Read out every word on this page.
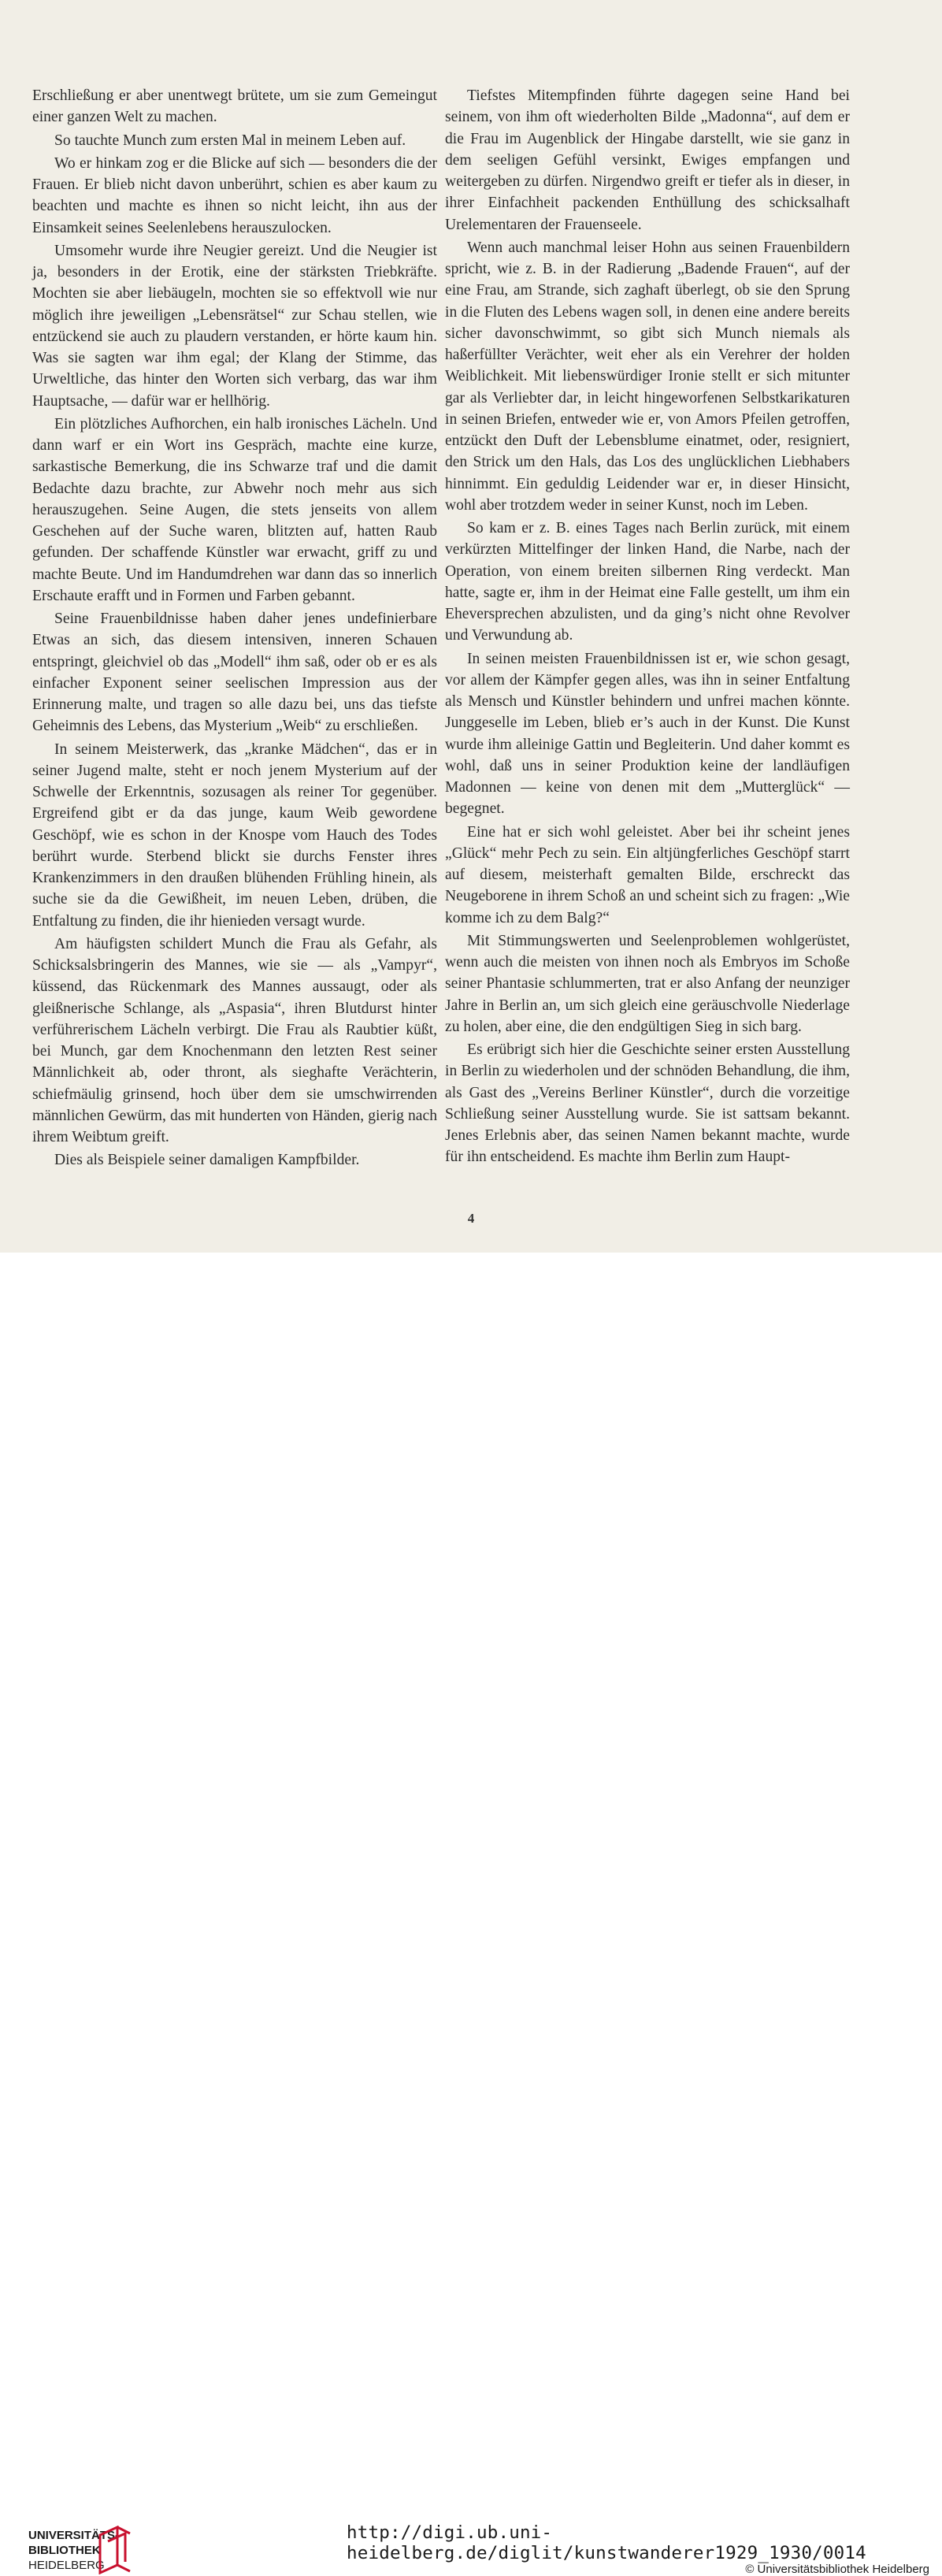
Erschließung er aber unentwegt brütete, um sie zum Gemeingut einer ganzen Welt zu machen.

So tauchte Munch zum ersten Mal in meinem Leben auf.

Wo er hinkam zog er die Blicke auf sich — besonders die der Frauen. Er blieb nicht davon unberührt, schien es aber kaum zu beachten und machte es ihnen so nicht leicht, ihn aus der Einsamkeit seines Seelenlebens herauszulocken.

Umsomehr wurde ihre Neugier gereizt. Und die Neugier ist ja, besonders in der Erotik, eine der stärksten Triebkräfte. Mochten sie aber liebäugeln, mochten sie so effektvoll wie nur möglich ihre jeweiligen „Lebensrätsel“ zur Schau stellen, wie entzückend sie auch zu plaudern verstanden, er hörte kaum hin. Was sie sagten war ihm egal; der Klang der Stimme, das Urweltliche, das hinter den Worten sich verbarg, das war ihm Hauptsache, — dafür war er hellhörig.

Ein plötzliches Aufhorchen, ein halb ironisches Lächeln. Und dann warf er ein Wort ins Gespräch, machte eine kurze, sarkastische Bemerkung, die ins Schwarze traf und die damit Bedachte dazu brachte, zur Abwehr noch mehr aus sich herauszugehen. Seine Augen, die stets jenseits von allem Geschehen auf der Suche waren, blitzten auf, hatten Raub gefunden. Der schaffende Künstler war erwacht, griff zu und machte Beute. Und im Handumdrehen war dann das so innerlich Erschaute erafft und in Formen und Farben gebannt.

Seine Frauenbildnisse haben daher jenes undefinierbare Etwas an sich, das diesem intensiven, inneren Schauen entspringt, gleichviel ob das „Modell“ ihm saß, oder ob er es als einfacher Exponent seiner seelischen Impression aus der Erinnerung malte, und tragen so alle dazu bei, uns das tiefste Geheimnis des Lebens, das Mysterium „Weib“ zu erschließen.

In seinem Meisterwerk, das „kranke Mädchen“, das er in seiner Jugend malte, steht er noch jenem Mysterium auf der Schwelle der Erkenntnis, sozusagen als reiner Tor gegenüber. Ergreifend gibt er da das junge, kaum Weib gewordene Geschöpf, wie es schon in der Knospe vom Hauch des Todes berührt wurde. Sterbend blickt sie durchs Fenster ihres Krankenzimmers in den draußen blühenden Frühling hinein, als suche sie da die Gewißheit, im neuen Leben, drüben, die Entfaltung zu finden, die ihr hienieden versagt wurde.

Am häufigsten schildert Munch die Frau als Gefahr, als Schicksalsbringerin des Mannes, wie sie — als „Vampyr“, küssend, das Rückenmark des Mannes aussaugt, oder als gleißnerische Schlange, als „Aspasia“, ihren Blutdurst hinter verführerischem Lächeln verbirgt. Die Frau als Raubtier küßt, bei Munch, gar dem Knochenmann den letzten Rest seiner Männlichkeit ab, oder thront, als sieghafte Verächterin, schiefmäulig grinsend, hoch über dem sie umschwirrenden männlichen Gewürm, das mit hunderten von Händen, gierig nach ihrem Weibtum greift.

Dies als Beispiele seiner damaligen Kampfbilder.

Tiefstes Mitempfinden führte dagegen seine Hand bei seinem, von ihm oft wiederholten Bilde „Madonna“, auf dem er die Frau im Augenblick der Hingabe darstellt, wie sie ganz in dem seeligen Gefühl versinkt, Ewiges empfangen und weitergeben zu dürfen. Nirgendwo greift er tiefer als in dieser, in ihrer Einfachheit packenden Enthüllung des schicksalhaft Urelementaren der Frauenseele.

Wenn auch manchmal leiser Hohn aus seinen Frauenbildern spricht, wie z. B. in der Radierung „Badende Frauen“, auf der eine Frau, am Strande, sich zaghaft überlegt, ob sie den Sprung in die Fluten des Lebens wagen soll, in denen eine andere bereits sicher davonschwimmt, so gibt sich Munch niemals als haßerfüllter Verächter, weit eher als ein Verehrer der holden Weiblichkeit. Mit liebenswürdiger Ironie stellt er sich mitunter gar als Verliebter dar, in leicht hingeworfenen Selbstkarikaturen in seinen Briefen, entweder wie er, von Amors Pfeilen getroffen, entzückt den Duft der Lebensblume einatmet, oder, resigniert, den Strick um den Hals, das Los des unglücklichen Liebhabers hinnimmt. Ein geduldig Leidender war er, in dieser Hinsicht, wohl aber trotzdem weder in seiner Kunst, noch im Leben.

So kam er z. B. eines Tages nach Berlin zurück, mit einem verkürzten Mittelfinger der linken Hand, die Narbe, nach der Operation, von einem breiten silbernen Ring verdeckt. Man hatte, sagte er, ihm in der Heimat eine Falle gestellt, um ihm ein Eheversprechen abzulisten, und da ging’s nicht ohne Revolver und Verwundung ab.

In seinen meisten Frauenbildnissen ist er, wie schon gesagt, vor allem der Kämpfer gegen alles, was ihn in seiner Entfaltung als Mensch und Künstler behindern und unfrei machen könnte. Junggeselle im Leben, blieb er’s auch in der Kunst. Die Kunst wurde ihm alleinige Gattin und Begleiterin. Und daher kommt es wohl, daß uns in seiner Produktion keine der landläufigen Madonnen — keine von denen mit dem „Mutterglück“ — begegnet.

Eine hat er sich wohl geleistet. Aber bei ihr scheint jenes „Glück“ mehr Pech zu sein. Ein altjüngferliches Geschöpf starrt auf diesem, meisterhaft gemalten Bilde, erschreckt das Neugeborene in ihrem Schoß an und scheint sich zu fragen: „Wie komme ich zu dem Balg?“

Mit Stimmungswerten und Seelenproblemen wohlgerüstet, wenn auch die meisten von ihnen noch als Embryos im Schoße seiner Phantasie schlummerten, trat er also Anfang der neunziger Jahre in Berlin an, um sich gleich eine geräuschvolle Niederlage zu holen, aber eine, die den endgültigen Sieg in sich barg.

Es erübrigt sich hier die Geschichte seiner ersten Ausstellung in Berlin zu wiederholen und der schnöden Behandlung, die ihm, als Gast des „Vereins Berliner Künstler“, durch die vorzeitige Schließung seiner Ausstellung wurde. Sie ist sattsam bekannt. Jenes Erlebnis aber, das seinen Namen bekannt machte, wurde für ihn entscheidend. Es machte ihm Berlin zum Haupt-

4
UNIVERSITÄTS-
BIBLIOTHEK
HEIDELBERG
http://digi.ub.uni-heidelberg.de/diglit/kunstwanderer1929_1930/0014
© Universitätsbibliothek Heidelberg
